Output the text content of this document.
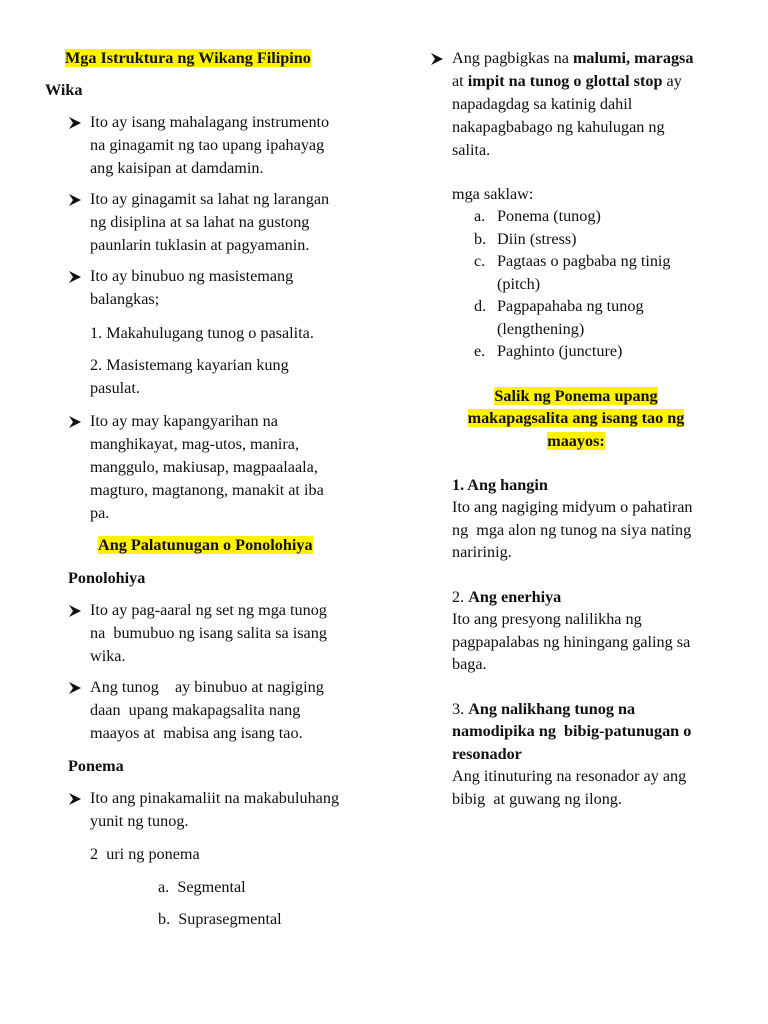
Mga Istruktura ng Wikang Filipino
Wika
Ito ay isang mahalagang instrumento
na ginagamit ng tao upang ipahayag
ang kaisipan at damdamin.
Ito ay ginagamit sa lahat ng larangan
ng disiplina at sa lahat na gustong
paunlarin tuklasin at pagyamanin.
Ito ay binubuo ng masistemang
balangkas;
1. Makahulugang tunog o pasalita.
2. Masistemang kayarian kung
pasulat.
Ito ay may kapangyarihan na
manghikayat, mag-utos, manira,
manggulo, makiusap, magpaalaala,
magturo, magtanong, manakit at iba
pa.
Ang Palatunugan o Ponolohiya
Ponolohiya
Ito ay pag-aaral ng set ng mga tunog
na  bumubuo ng isang salita sa isang
wika.
Ang tunog    ay binubuo at nagiging
daan  upang makapagsalita nang
maayos at  mabisa ang isang tao.
Ponema
Ito ang pinakamaliit na makabuluhang
yunit ng tunog.
2  uri ng ponema
a.  Segmental
b.  Suprasegmental
Ang pagbigkas na malumi, maragsa
at impit na tunog o glottal stop ay
napadagdag sa katinig dahil
nakapagbabago ng kahulugan ng
salita.
mga saklaw:
a. Ponema (tunog)
b. Diin (stress)
c. Pagtaas o pagbaba ng tinig
(pitch)
d. Pagpapahaba ng tunog
(lengthening)
e. Paghinto (juncture)
Salik ng Ponema upang
makapagsalita ang isang tao ng
maayos:
1. Ang hangin
Ito ang nagiging midyum o pahatiran
ng  mga alon ng tunog na siya nating
naririnig.
2. Ang enerhiya
Ito ang presyong nalilikha ng
pagpapalabas ng hiningang galing sa
baga.
3. Ang nalikhang tunog na
namodipika ng  bibig-patunugan o
resonador
Ang itinuturing na resonador ay ang
bibig  at guwang ng ilong.
